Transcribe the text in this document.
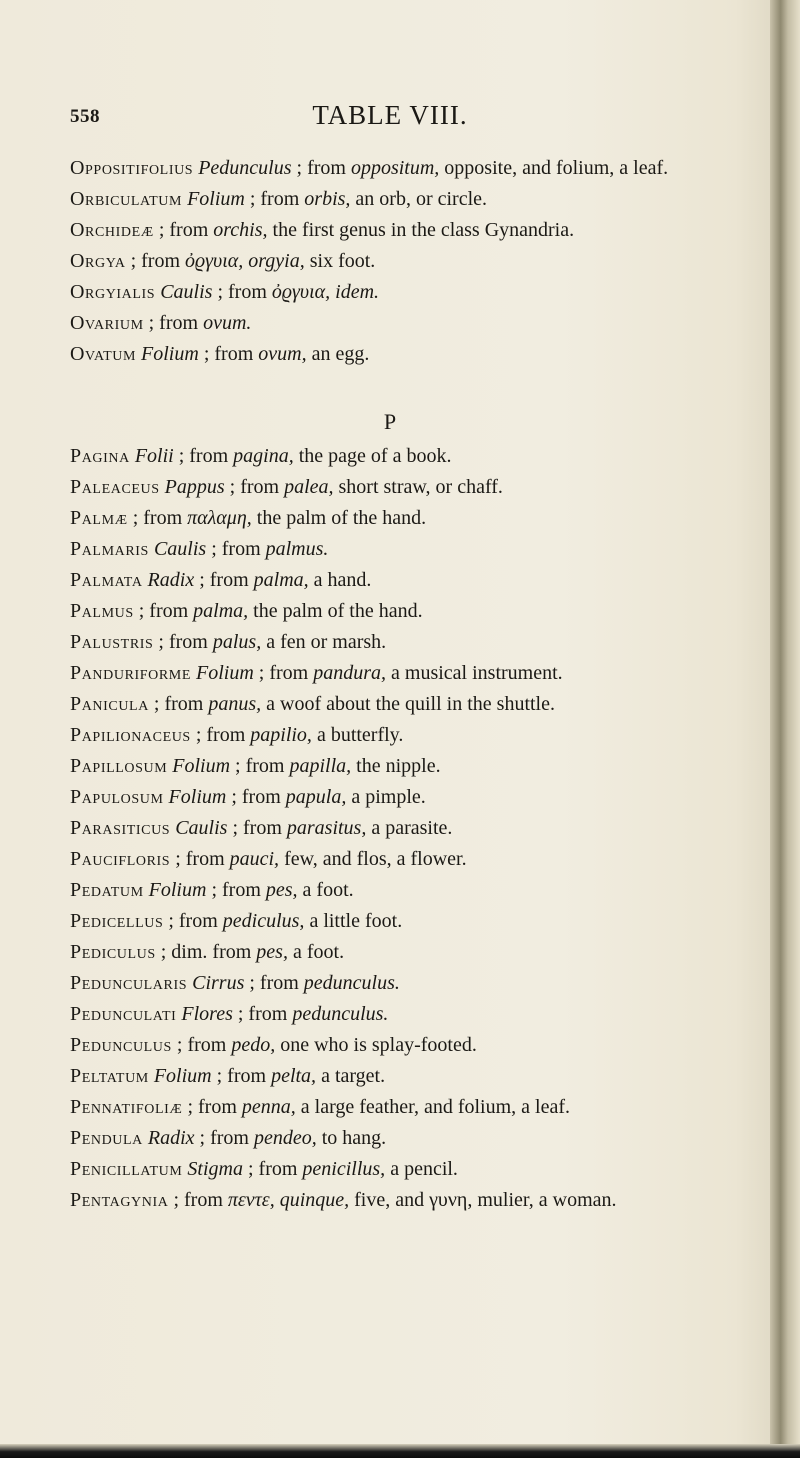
558	TABLE VIII.

Oppositifolius Pedunculus ; from oppositum, opposite, and folium, a leaf.

Orbiculatum Folium ; from orbis, an orb, or circle.

Orchideæ ; from orchis, the first genus in the class Gynandria.

Orgya ; from ὀϱγυια, orgyia, six foot.

Orgyialis Caulis ; from ὀϱγυια, idem.

Ovarium ; from ovum.

Ovatum Folium ; from ovum, an egg.

P

Pagina Folii ; from pagina, the page of a book.

Paleaceus Pappus ; from palea, short straw, or chaff.

Palmæ ; from παλαμη, the palm of the hand.

Palmaris Caulis ; from palmus.

Palmata Radix ; from palma, a hand.

Palmus ; from palma, the palm of the hand.

Palustris ; from palus, a fen or marsh.

Panduriforme Folium ; from pandura, a musical instrument.

Panicula ; from panus, a woof about the quill in the shuttle.

Papilionaceus ; from papilio, a butterfly.

Papillosum Folium ; from papilla, the nipple.

Papulosum Folium ; from papula, a pimple.

Parasiticus Caulis ; from parasitus, a parasite.

Paucifloris ; from pauci, few, and flos, a flower.

Pedatum Folium ; from pes, a foot.

Pedicellus ; from pediculus, a little foot.

Pediculus ; dim. from pes, a foot.

Peduncularis Cirrus ; from pedunculus.

Pedunculati Flores ; from pedunculus.

Pedunculus ; from pedo, one who is splay-footed.

Peltatum Folium ; from pelta, a target.

Pennatifoliæ ; from penna, a large feather, and folium, a leaf.

Pendula Radix ; from pendeo, to hang.

Penicillatum Stigma ; from penicillus, a pencil.

Pentagynia ; from πεντε, quinque, five, and γυνη, mulier, a woman.
